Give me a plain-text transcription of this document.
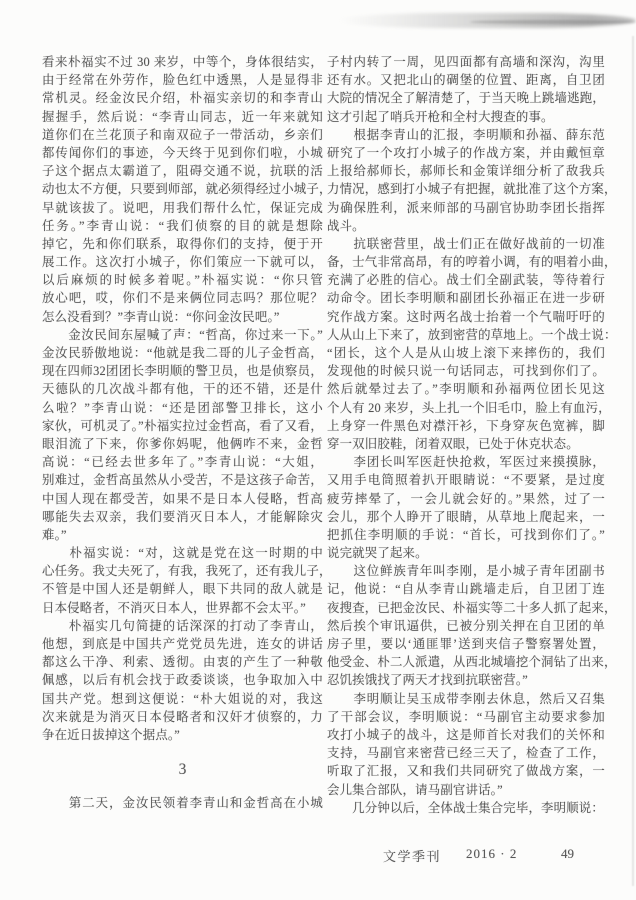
看来朴福实不过 30 来岁，中等个，身体很结实，
由于经常在外劳作，脸色红中透黑，人是显得非
常机灵。经金汝民介绍，朴福实亲切的和李青山
握握手，然后说：“李青山同志，近一年来就知
道你们在兰花顶子和南双砬子一带活动，乡亲们
都传闻你们的事迹，今天终于见到你们啦，小城
子这个据点太霸道了，阻碍交通不说，抗联的活
动也太不方便，只要到师部，就必须得经过小城子，
早就该拔了。说吧，用我们帮什么忙，保证完成
任务。”李青山说：“我们侦察的目的就是想除
掉它，先和你们联系，取得你们的支持，便于开
展工作。这次打小城子，你们策应一下就可以，
以后麻烦的时候多着呢。”朴福实说：“你只管
放心吧，哎，你们不是来俩位同志吗？那位呢？
怎么没看到？”李青山说：“你问金汝民吧。”
　　金汝民间东屋喊了声：“哲高，你过来一下。”
金汝民骄傲地说：“他就是我二哥的儿子金哲高，
现在四师32团团长李明顺的警卫员，也是侦察员，
天德队的几次战斗都有他，干的还不错，还是什
么啦？”李青山说：“还是团部警卫排长，这小
家伙，可机灵了。”朴福实拉过金哲高，看了又看，
眼泪流了下来，你爹你妈呢，他俩咋不来，金哲
高说：“已经去世多年了。”李青山说：“大姐，
别难过，金哲高虽然从小受苦，不是这孩子命苦，
中国人现在都受苦，如果不是日本人侵略，哲高
哪能失去双亲，我们要消灭日本人，才能解除灾
难。”
　　朴福实说：“对，这就是党在这一时期的中
心任务。我丈夫死了，有我，我死了，还有我儿子，
不管是中国人还是朝鲜人，眼下共同的敌人就是
日本侵略者，不消灭日本人，世界都不会太平。”
　　朴福实几句简捷的话深深的打动了李青山，
他想，到底是中国共产党党员先进，连女的讲话
都这么干净、利索、透彻。由衷的产生了一种敬
佩感，以后有机会找于政委谈谈，也争取加入中
国共产党。想到这便说：“朴大姐说的对，我这
次来就是为消灭日本侵略者和汉奸才侦察的，力
争在近日拔掉这个据点。”
3
　　第二天，金汝民领着李青山和金哲高在小城
子村内转了一周，见四面都有高墙和深沟，沟里
还有水。又把北山的碉堡的位置、距离，自卫团
大院的情况全了解清楚了，于当天晚上跳墙逃跑，
这才引起了哨兵开枪和全村大搜查的事。
　　根据李青山的汇报，李明顺和孙福、薛东范
研究了一个攻打小城子的作战方案，并由戴恒章
上报给郝师长，郝师长和金策详细分析了敌我兵
力情况，感到打小城子有把握，就批准了这个方案，
为确保胜利，派来师部的马副官协助李团长指挥
战斗。
　　抗联密营里，战士们正在做好战前的一切准
备，士气非常高昂，有的哼着小调，有的唱着小曲，
充满了必胜的信心。战士们全副武装，等待着行
动命令。团长李明顺和副团长孙福正在进一步研
究作战方案。这时两名战士抬着一个气喘吁吁的
人从山上下来了，放到密营的草地上。一个战士说：
“团长，这个人是从山坡上滚下来摔伤的，我们
发现他的时候只说一句话同志，可找到你们了。
然后就晕过去了。”李明顺和孙福两位团长见这
个人有 20 来岁，头上扎一个旧毛巾，脸上有血污，
上身穿一件黑色对襟汗衫，下身穿灰色宽裤，脚
穿一双旧胶鞋，闭着双眼，已处于休克状态。
　　李团长叫军医赶快抢救，军医过来摸摸脉，
又用手电筒照着扒开眼睛说：“不要紧，是过度
疲劳摔晕了，一会儿就会好的。”果然，过了一
会儿，那个人睁开了眼睛，从草地上爬起来，一
把抓住李明顺的手说：“首长，可找到你们了。”
说完就哭了起来。
　　这位鲜族青年叫李刚，是小城子青年团副书
记，他说：“自从李青山跳墙走后，自卫团丁连
夜搜查，已把金汝民、朴福实等二十多人抓了起来，
然后挨个审讯逼供，已被分别关押在自卫团的单
房子里，要以‘通匪罪’送到夹信子警察署处置，
他受金、朴二人派遣，从西北城墙挖个洞钻了出来，
忍饥挨饿找了两天才找到抗联密营。”
　　李明顺让吴玉成带李刚去休息，然后又召集
了干部会议，李明顺说：“马副官主动要求参加
攻打小城子的战斗，这是师首长对我们的关怀和
支持，马副官来密营已经三天了，检查了工作，
听取了汇报，又和我们共同研究了做战方案，一
会儿集合部队，请马副官讲话。”
　　几分钟以后，全体战士集合完毕，李明顺说：
文学季刊 2016 · 2	49
